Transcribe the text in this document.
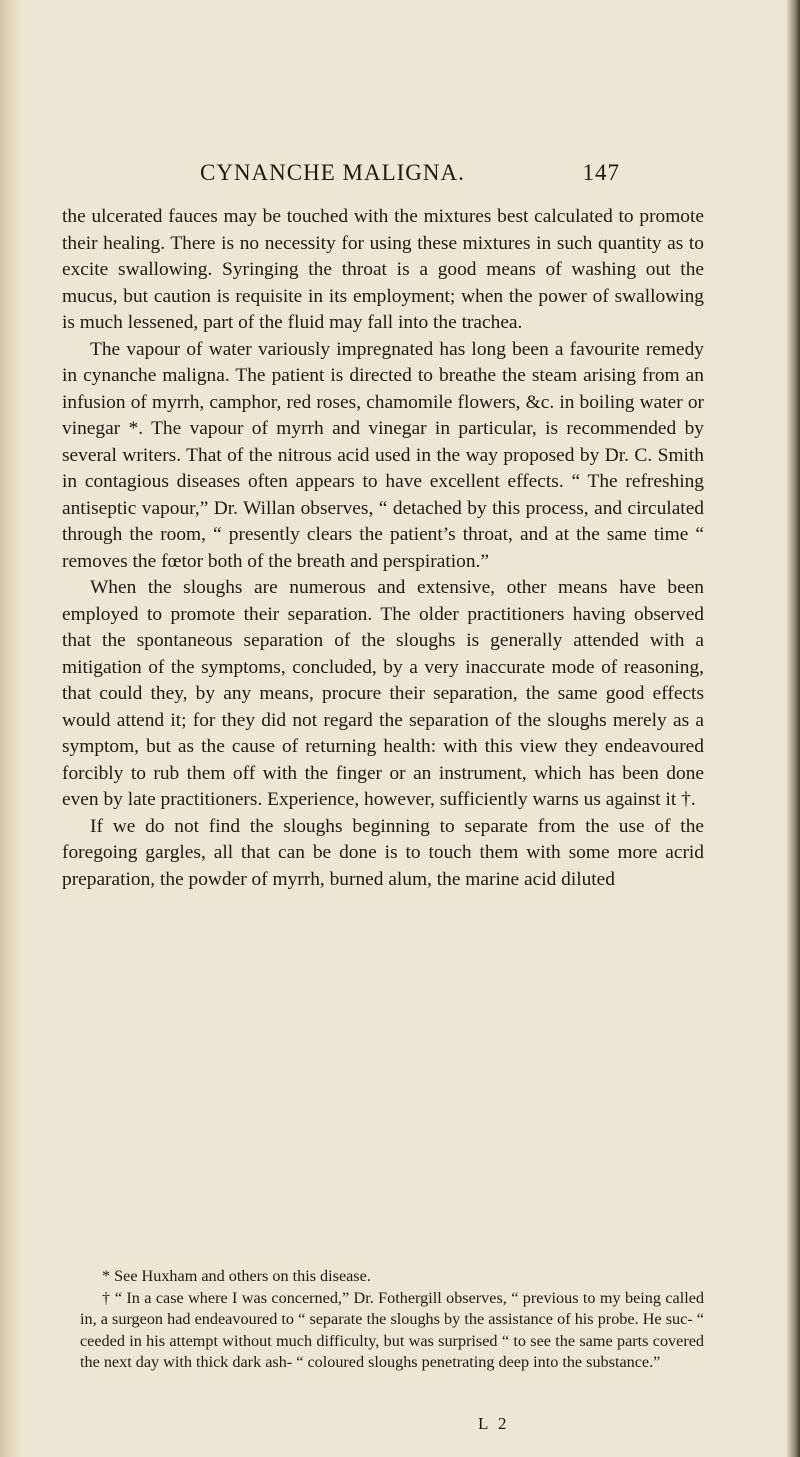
CYNANCHE MALIGNA.	147

the ulcerated fauces may be touched with the mixtures best calculated to promote their healing. There is no necessity for using these mixtures in such quantity as to excite swallowing. Syringing the throat is a good means of washing out the mucus, but caution is requisite in its employment; when the power of swallowing is much lessened, part of the fluid may fall into the trachea.

The vapour of water variously impregnated has long been a favourite remedy in cynanche maligna. The patient is directed to breathe the steam arising from an infusion of myrrh, camphor, red roses, chamomile flowers, &c. in boiling water or vinegar *. The vapour of myrrh and vinegar in particular, is recommended by several writers. That of the nitrous acid used in the way proposed by Dr. C. Smith in contagious diseases often appears to have excellent effects. “ The refreshing antiseptic vapour,” Dr. Willan observes, “ detached by this process, and circulated through the room, “ presently clears the patient’s throat, and at the same time “ removes the fœtor both of the breath and perspiration.”

When the sloughs are numerous and extensive, other means have been employed to promote their separation. The older practitioners having observed that the spontaneous separation of the sloughs is generally attended with a mitigation of the symptoms, concluded, by a very inaccurate mode of reasoning, that could they, by any means, procure their separation, the same good effects would attend it; for they did not regard the separation of the sloughs merely as a symptom, but as the cause of returning health: with this view they endeavoured forcibly to rub them off with the finger or an instrument, which has been done even by late practitioners. Experience, however, sufficiently warns us against it †.

If we do not find the sloughs beginning to separate from the use of the foregoing gargles, all that can be done is to touch them with some more acrid preparation, the powder of myrrh, burned alum, the marine acid diluted

* See Huxham and others on this disease.

† “ In a case where I was concerned,” Dr. Fothergill observes, “ previous to my being called in, a surgeon had endeavoured to “ separate the sloughs by the assistance of his probe. He suc- “ ceeded in his attempt without much difficulty, but was surprised “ to see the same parts covered the next day with thick dark ash- “ coloured sloughs penetrating deep into the substance.”

L 2
